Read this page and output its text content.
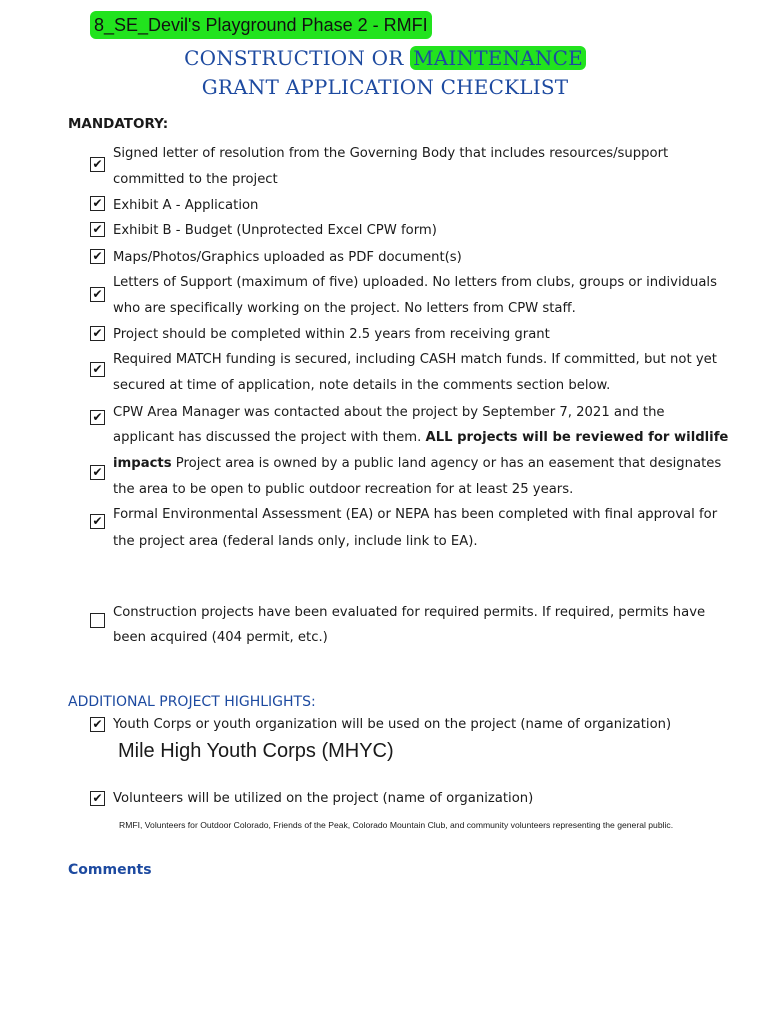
8_SE_Devil's Playground Phase 2 - RMFI
CONSTRUCTION OR MAINTENANCE
GRANT APPLICATION CHECKLIST
MANDATORY:
✔
Signed letter of resolution from the Governing Body that includes resources/support
committed to the project
✔ Exhibit A - Application
✔ Exhibit B - Budget (Unprotected Excel CPW form)
✔ Maps/Photos/Graphics uploaded as PDF document(s)
✔
Letters of Support (maximum of five) uploaded. No letters from clubs, groups or individuals
who are specifically working on the project. No letters from CPW staff.
✔ Project should be completed within 2.5 years from receiving grant
✔
Required MATCH funding is secured, including CASH match funds. If committed, but not yet
secured at time of application, note details in the comments section below.
✔ CPW Area Manager was contacted about the project by September 7, 2021 and the
applicant has discussed the project with them. ALL projects will be reviewed for wildlife
✔
impacts Project area is owned by a public land agency or has an easement that designates
the area to be open to public outdoor recreation for at least 25 years.
✔ Formal Environmental Assessment (EA) or NEPA has been completed with final approval for
the project area (federal lands only, include link to EA).
Construction projects have been evaluated for required permits. If required, permits have
been acquired (404 permit, etc.)
ADDITIONAL PROJECT HIGHLIGHTS:
✔ Youth Corps or youth organization will be used on the project (name of organization)
Mile High Youth Corps (MHYC)
✔ Volunteers will be utilized on the project (name of organization)
RMFI, Volunteers for Outdoor Colorado, Friends of the Peak, Colorado Mountain Club, and community volunteers representing the general public.
Comments
